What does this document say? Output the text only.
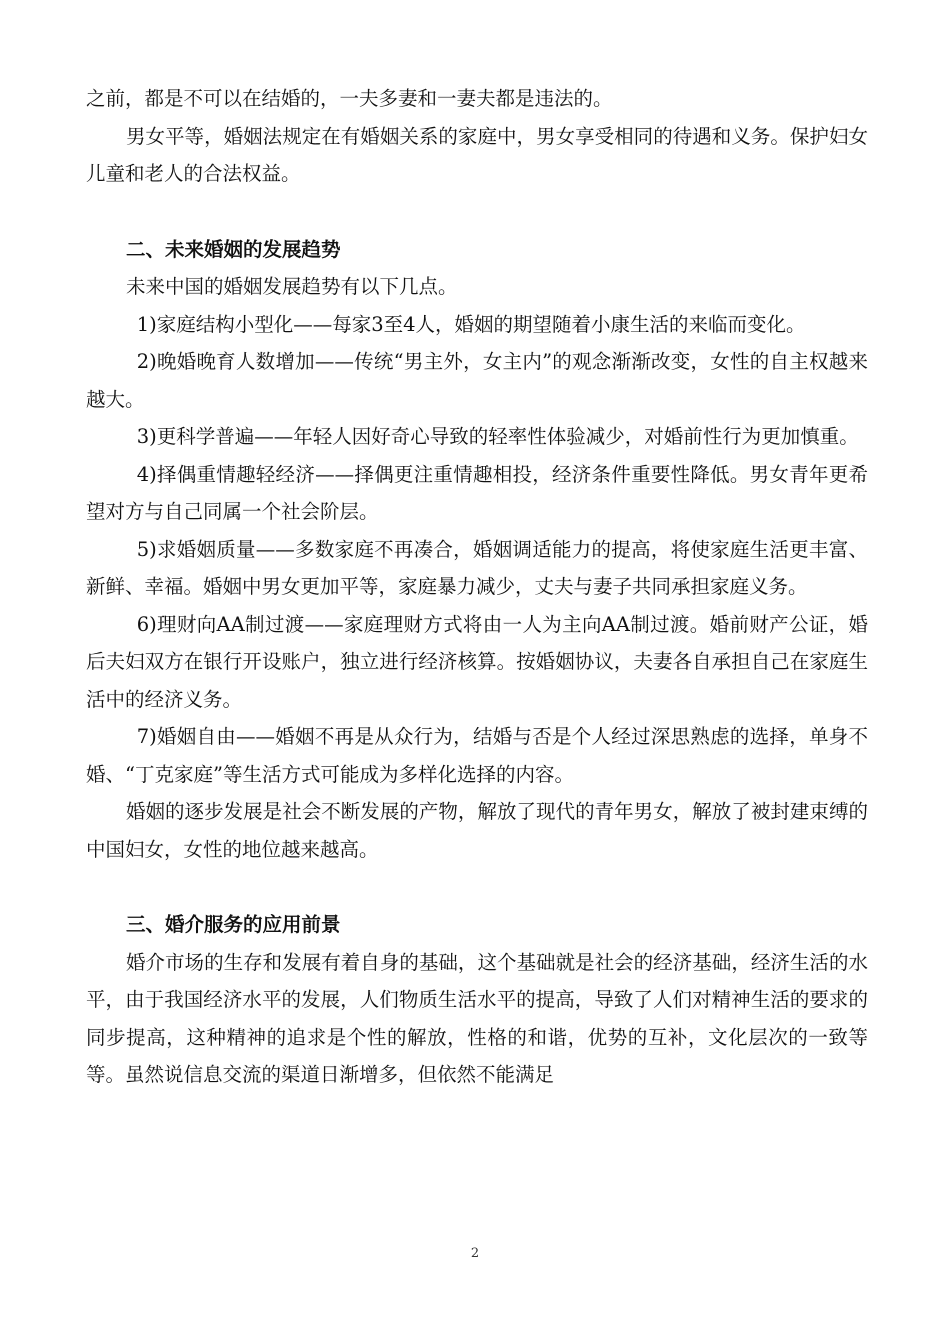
之前，都是不可以在结婚的，一夫多妻和一妻夫都是违法的。

男女平等，婚姻法规定在有婚姻关系的家庭中，男女享受相同的待遇和义务。保护妇女儿童和老人的合法权益。

二、未来婚姻的发展趋势

未来中国的婚姻发展趋势有以下几点。

1)家庭结构小型化——每家3至4人，婚姻的期望随着小康生活的来临而变化。

2)晚婚晚育人数增加——传统“男主外，女主内”的观念渐渐改变，女性的自主权越来越大。

3)更科学普遍——年轻人因好奇心导致的轻率性体验减少，对婚前性行为更加慎重。

4)择偶重情趣轻经济——择偶更注重情趣相投，经济条件重要性降低。男女青年更希望对方与自己同属一个社会阶层。

5)求婚姻质量——多数家庭不再凑合，婚姻调适能力的提高，将使家庭生活更丰富、新鲜、幸福。婚姻中男女更加平等，家庭暴力减少，丈夫与妻子共同承担家庭义务。

6)理财向AA制过渡——家庭理财方式将由一人为主向AA制过渡。婚前财产公证，婚后夫妇双方在银行开设账户，独立进行经济核算。按婚姻协议，夫妻各自承担自己在家庭生活中的经济义务。

7)婚姻自由——婚姻不再是从众行为，结婚与否是个人经过深思熟虑的选择，单身不婚、“丁克家庭”等生活方式可能成为多样化选择的内容。

婚姻的逐步发展是社会不断发展的产物，解放了现代的青年男女，解放了被封建束缚的中国妇女，女性的地位越来越高。

三、婚介服务的应用前景

婚介市场的生存和发展有着自身的基础，这个基础就是社会的经济基础，经济生活的水平，由于我国经济水平的发展，人们物质生活水平的提高，导致了人们对精神生活的要求的同步提高，这种精神的追求是个性的解放，性格的和谐，优势的互补，文化层次的一致等等。虽然说信息交流的渠道日渐增多，但依然不能满足

2
